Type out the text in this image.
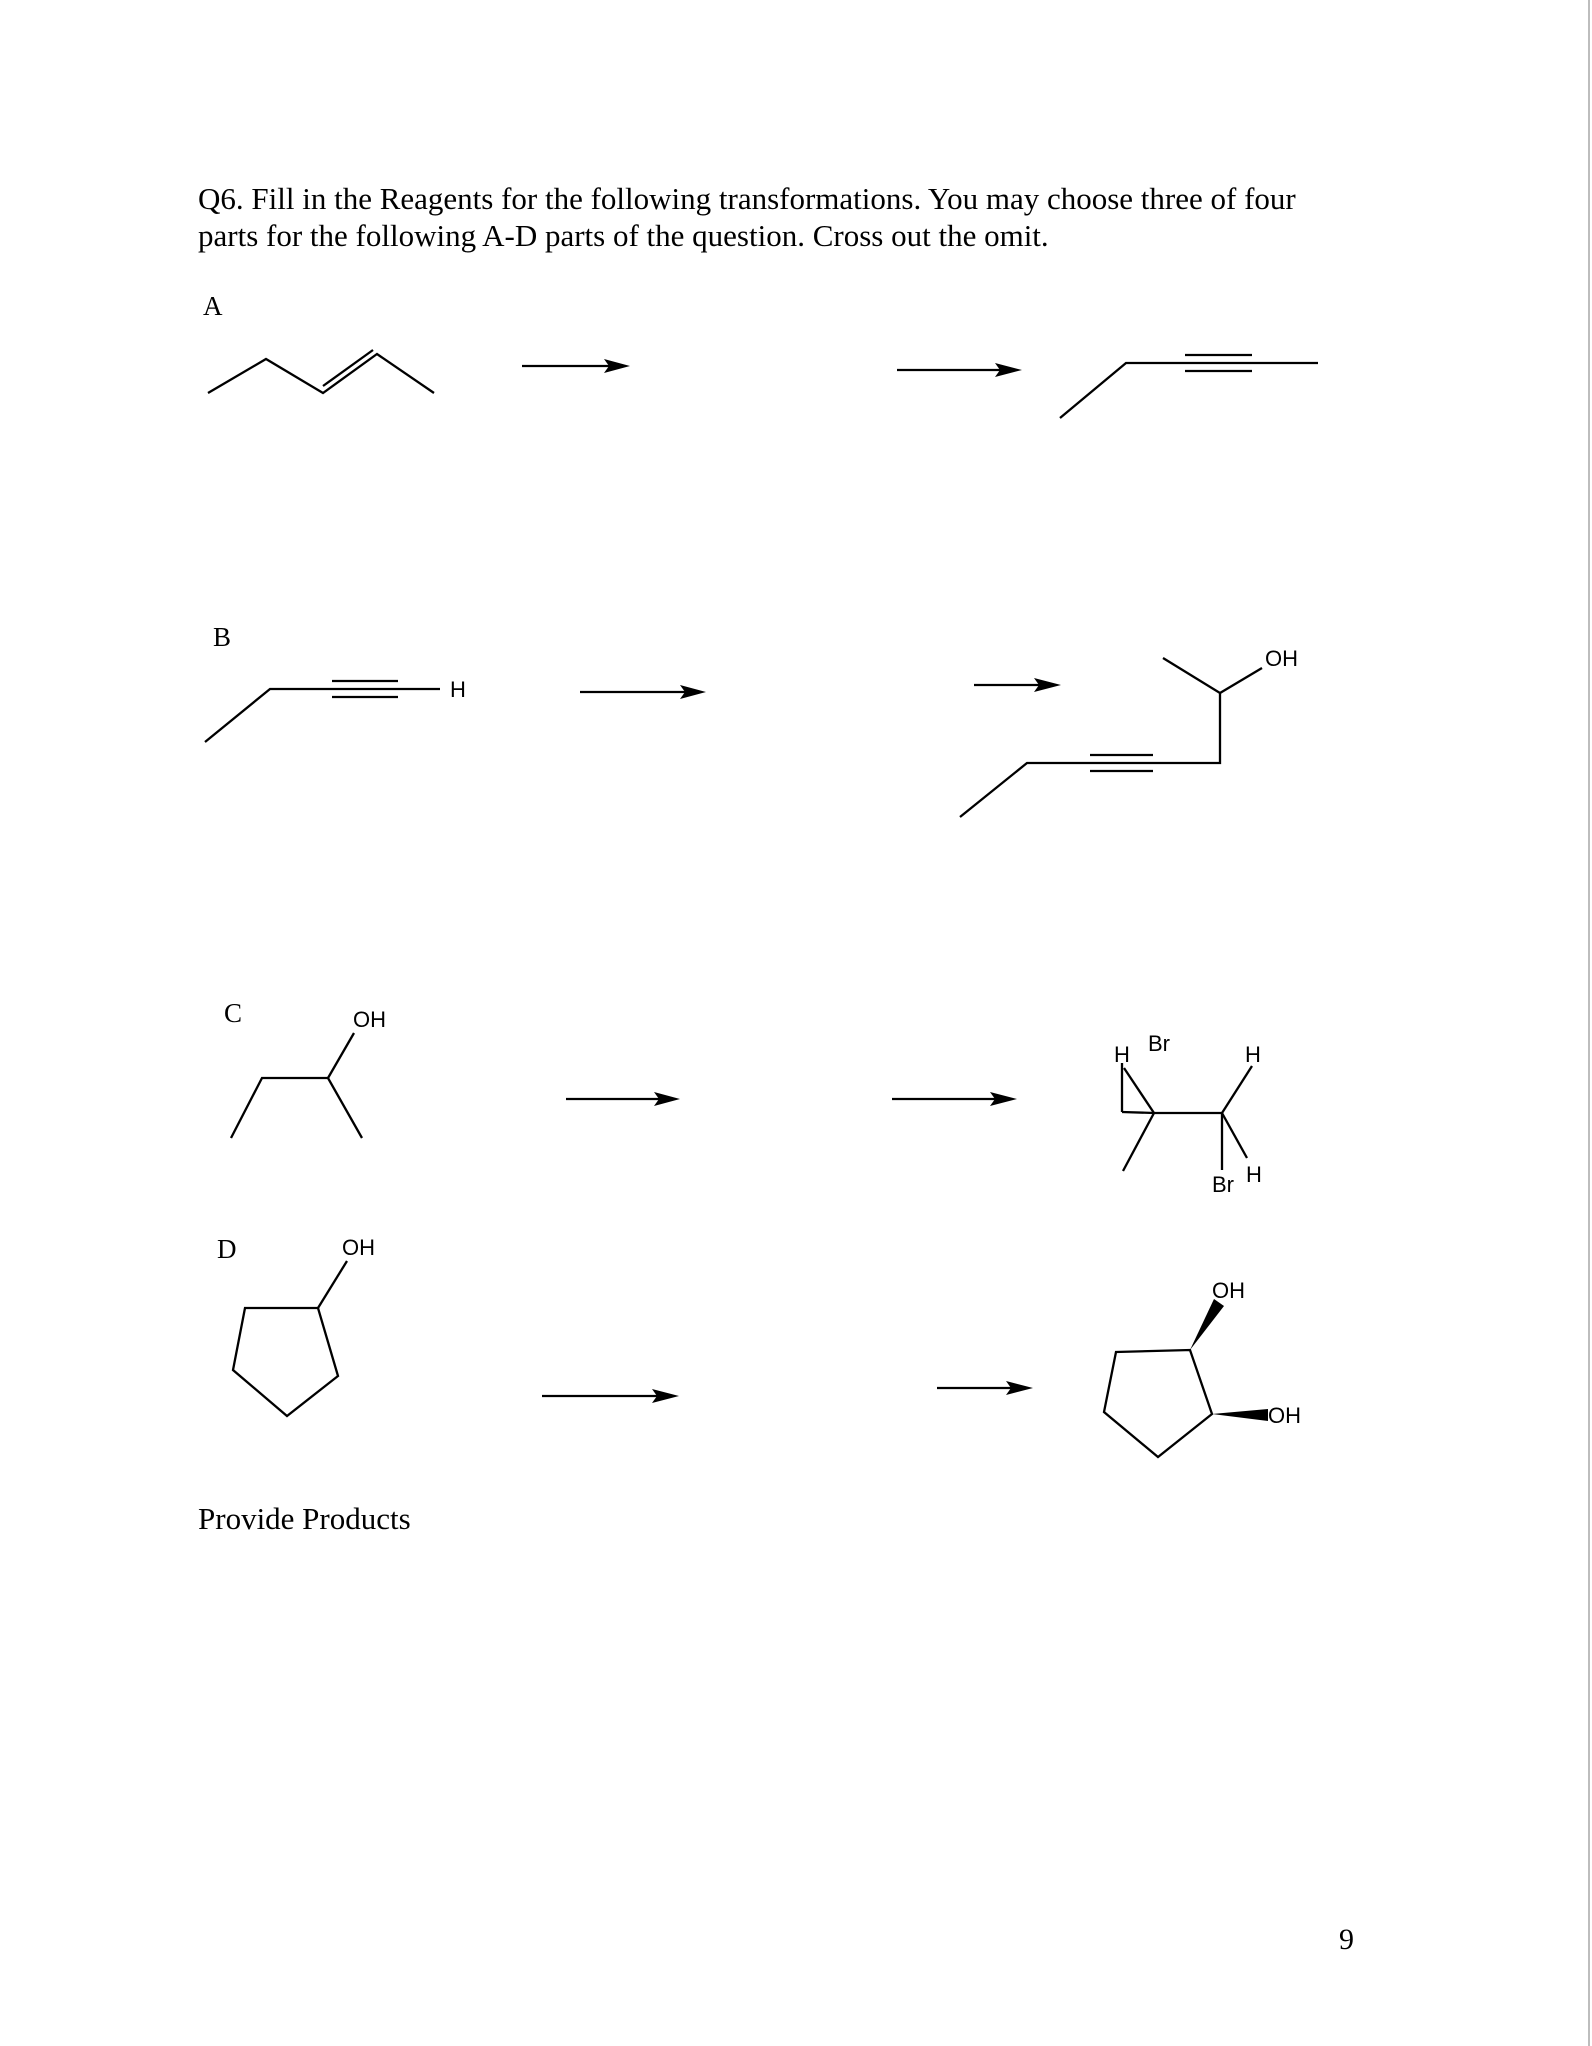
Q6. Fill in the Reagents for the following transformations. You may choose three of four
parts for the following A-D parts of the question. Cross out the omit.
A
B
C
D
H
OH
OH
H Br	H
Br H
OH
OH
OH
Provide Products
9
